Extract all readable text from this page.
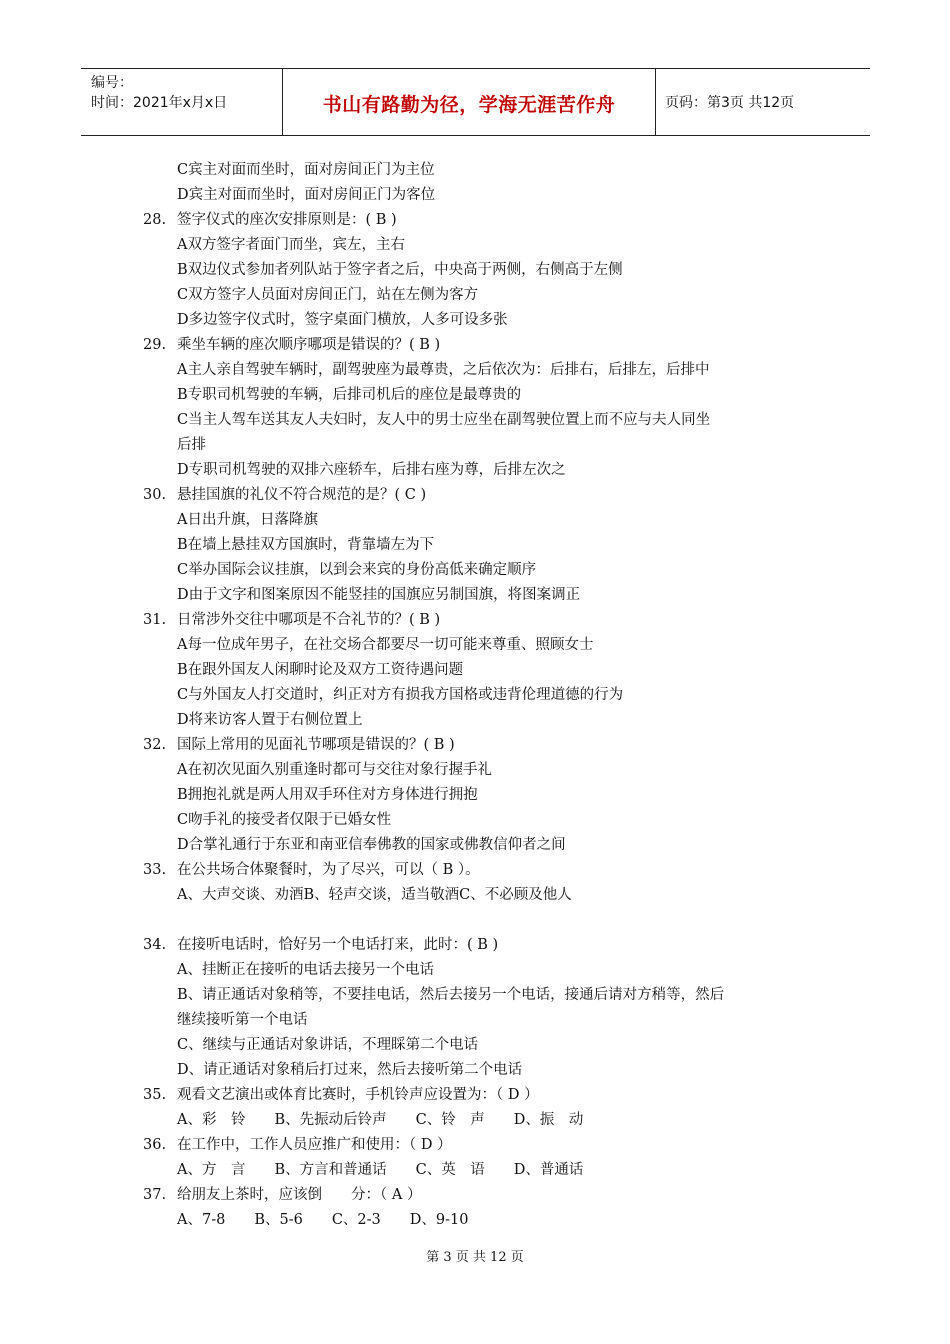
编号：
时间：2021年x月x日	书山有路勤为径，学海无涯苦作舟	页码：第3页 共12页
C宾主对面而坐时，面对房间正门为主位
D宾主对面而坐时，面对房间正门为客位
28. 签字仪式的座次安排原则是：( B )
A双方签字者面门而坐，宾左，主右
B双边仪式参加者列队站于签字者之后，中央高于两侧，右侧高于左侧
C双方签字人员面对房间正门，站在左侧为客方
D多边签字仪式时，签字桌面门横放，人多可设多张
29. 乘坐车辆的座次顺序哪项是错误的？( B )
A主人亲自驾驶车辆时，副驾驶座为最尊贵，之后依次为：后排右，后排左，后排中
B专职司机驾驶的车辆，后排司机后的座位是最尊贵的
C当主人驾车送其友人夫妇时，友人中的男士应坐在副驾驶位置上而不应与夫人同坐
后排
D专职司机驾驶的双排六座轿车，后排右座为尊，后排左次之
30. 悬挂国旗的礼仪不符合规范的是？( C )
A日出升旗，日落降旗
B在墙上悬挂双方国旗时，背靠墙左为下
C举办国际会议挂旗，以到会来宾的身份高低来确定顺序
D由于文字和图案原因不能竖挂的国旗应另制国旗，将图案调正
31. 日常涉外交往中哪项是不合礼节的？( B )
A每一位成年男子，在社交场合都要尽一切可能来尊重、照顾女士
B在跟外国友人闲聊时论及双方工资待遇问题
C与外国友人打交道时，纠正对方有损我方国格或违背伦理道德的行为
D将来访客人置于右侧位置上
32. 国际上常用的见面礼节哪项是错误的？( B )
A在初次见面久别重逢时都可与交往对象行握手礼
B拥抱礼就是两人用双手环住对方身体进行拥抱
C吻手礼的接受者仅限于已婚女性
D合掌礼通行于东亚和南亚信奉佛教的国家或佛教信仰者之间
33. 在公共场合体聚餐时，为了尽兴，可以（ B ）。
A、大声交谈、劝酒B、轻声交谈，适当敬酒C、不必顾及他人
34. 在接听电话时，恰好另一个电话打来，此时：( B )
A、挂断正在接听的电话去接另一个电话
B、请正通话对象稍等，不要挂电话，然后去接另一个电话，接通后请对方稍等，然后
继续接听第一个电话
C、继续与正通话对象讲话，不理睬第二个电话
D、请正通话对象稍后打过来，然后去接听第二个电话
35. 观看文艺演出或体育比赛时，手机铃声应设置为：（ D ）
A、彩　铃　　B、先振动后铃声　　C、铃　声　　D、振　动
36. 在工作中，工作人员应推广和使用：（ D ）
A、方　言　　B、方言和普通话　　C、英　语　　D、普通话
37. 给朋友上茶时，应该倒　　分：（ A ）
A、7-8　　B、5-6　　C、2-3　　D、9-10
第 3 页 共 12 页
